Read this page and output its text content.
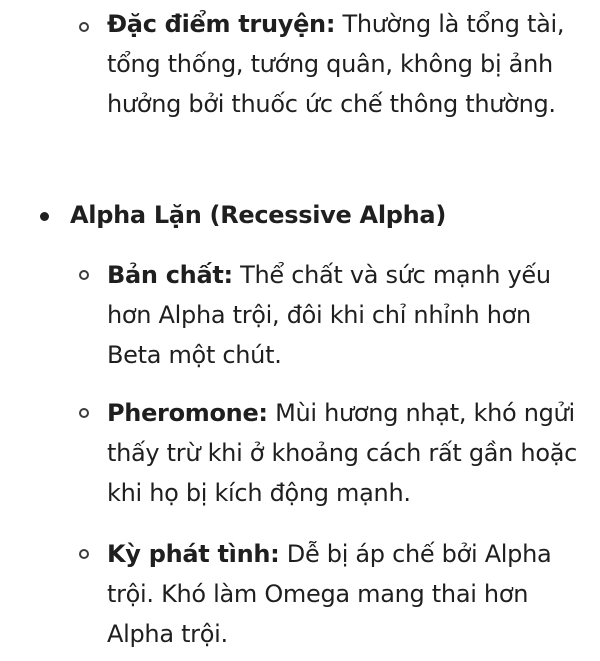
Đặc điểm truyện: Thường là tổng tài, tổng thống, tướng quân, không bị ảnh hưởng bởi thuốc ức chế thông thường.
Alpha Lặn (Recessive Alpha)
Bản chất: Thể chất và sức mạnh yếu hơn Alpha trội, đôi khi chỉ nhỉnh hơn Beta một chút.
Pheromone: Mùi hương nhạt, khó ngửi thấy trừ khi ở khoảng cách rất gần hoặc khi họ bị kích động mạnh.
Kỳ phát tình: Dễ bị áp chế bởi Alpha trội. Khó làm Omega mang thai hơn Alpha trội.
